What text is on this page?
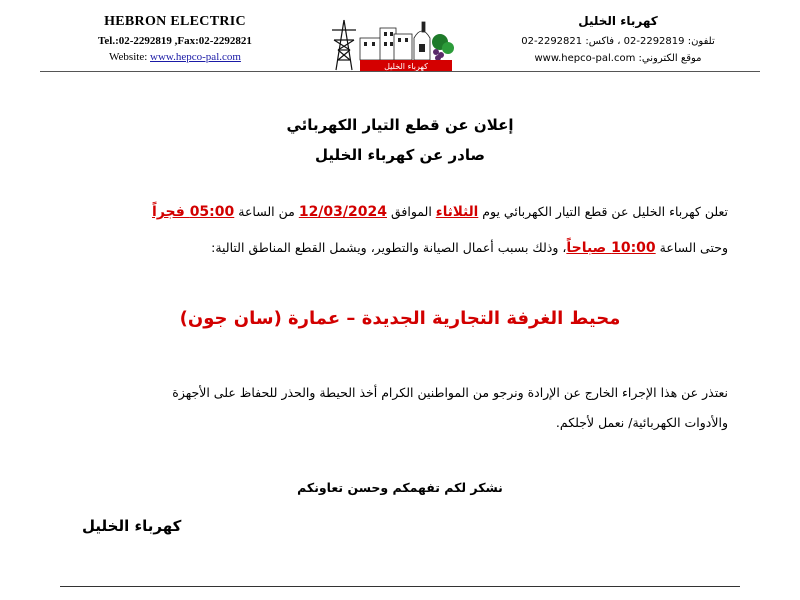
HEBRON ELECTRIC
Tel.:02-2292819 ,Fax:02-2292821
Website: www.hepco-pal.com
كهرباء الخليل
كهرباء الخليل
تلفون: 2292819-02 ، فاكس: 2292821-02
موقع الكتروني: www.hepco-pal.com
إعلان عن قطع التيار الكهربائي
صادر عن كهرباء الخليل
تعلن كهرباء الخليل عن قطع التيار الكهربائي يوم الثلاثاء الموافق 12/03/2024 من الساعة 05:00 فجراً
وحتى الساعة 10:00 صباحاً، وذلك بسبب أعمال الصيانة والتطوير، ويشمل القطع المناطق التالية:
محيط الغرفة التجارية الجديدة – عمارة (سان جون)
نعتذر عن هذا الإجراء الخارج عن الإرادة ونرجو من المواطنين الكرام أخذ الحيطة والحذر للحفاظ على الأجهزة
والأدوات الكهربائية/ نعمل لأجلكم.
نشكر لكم تفهمكم وحسن تعاونكم
كهرباء الخليل
